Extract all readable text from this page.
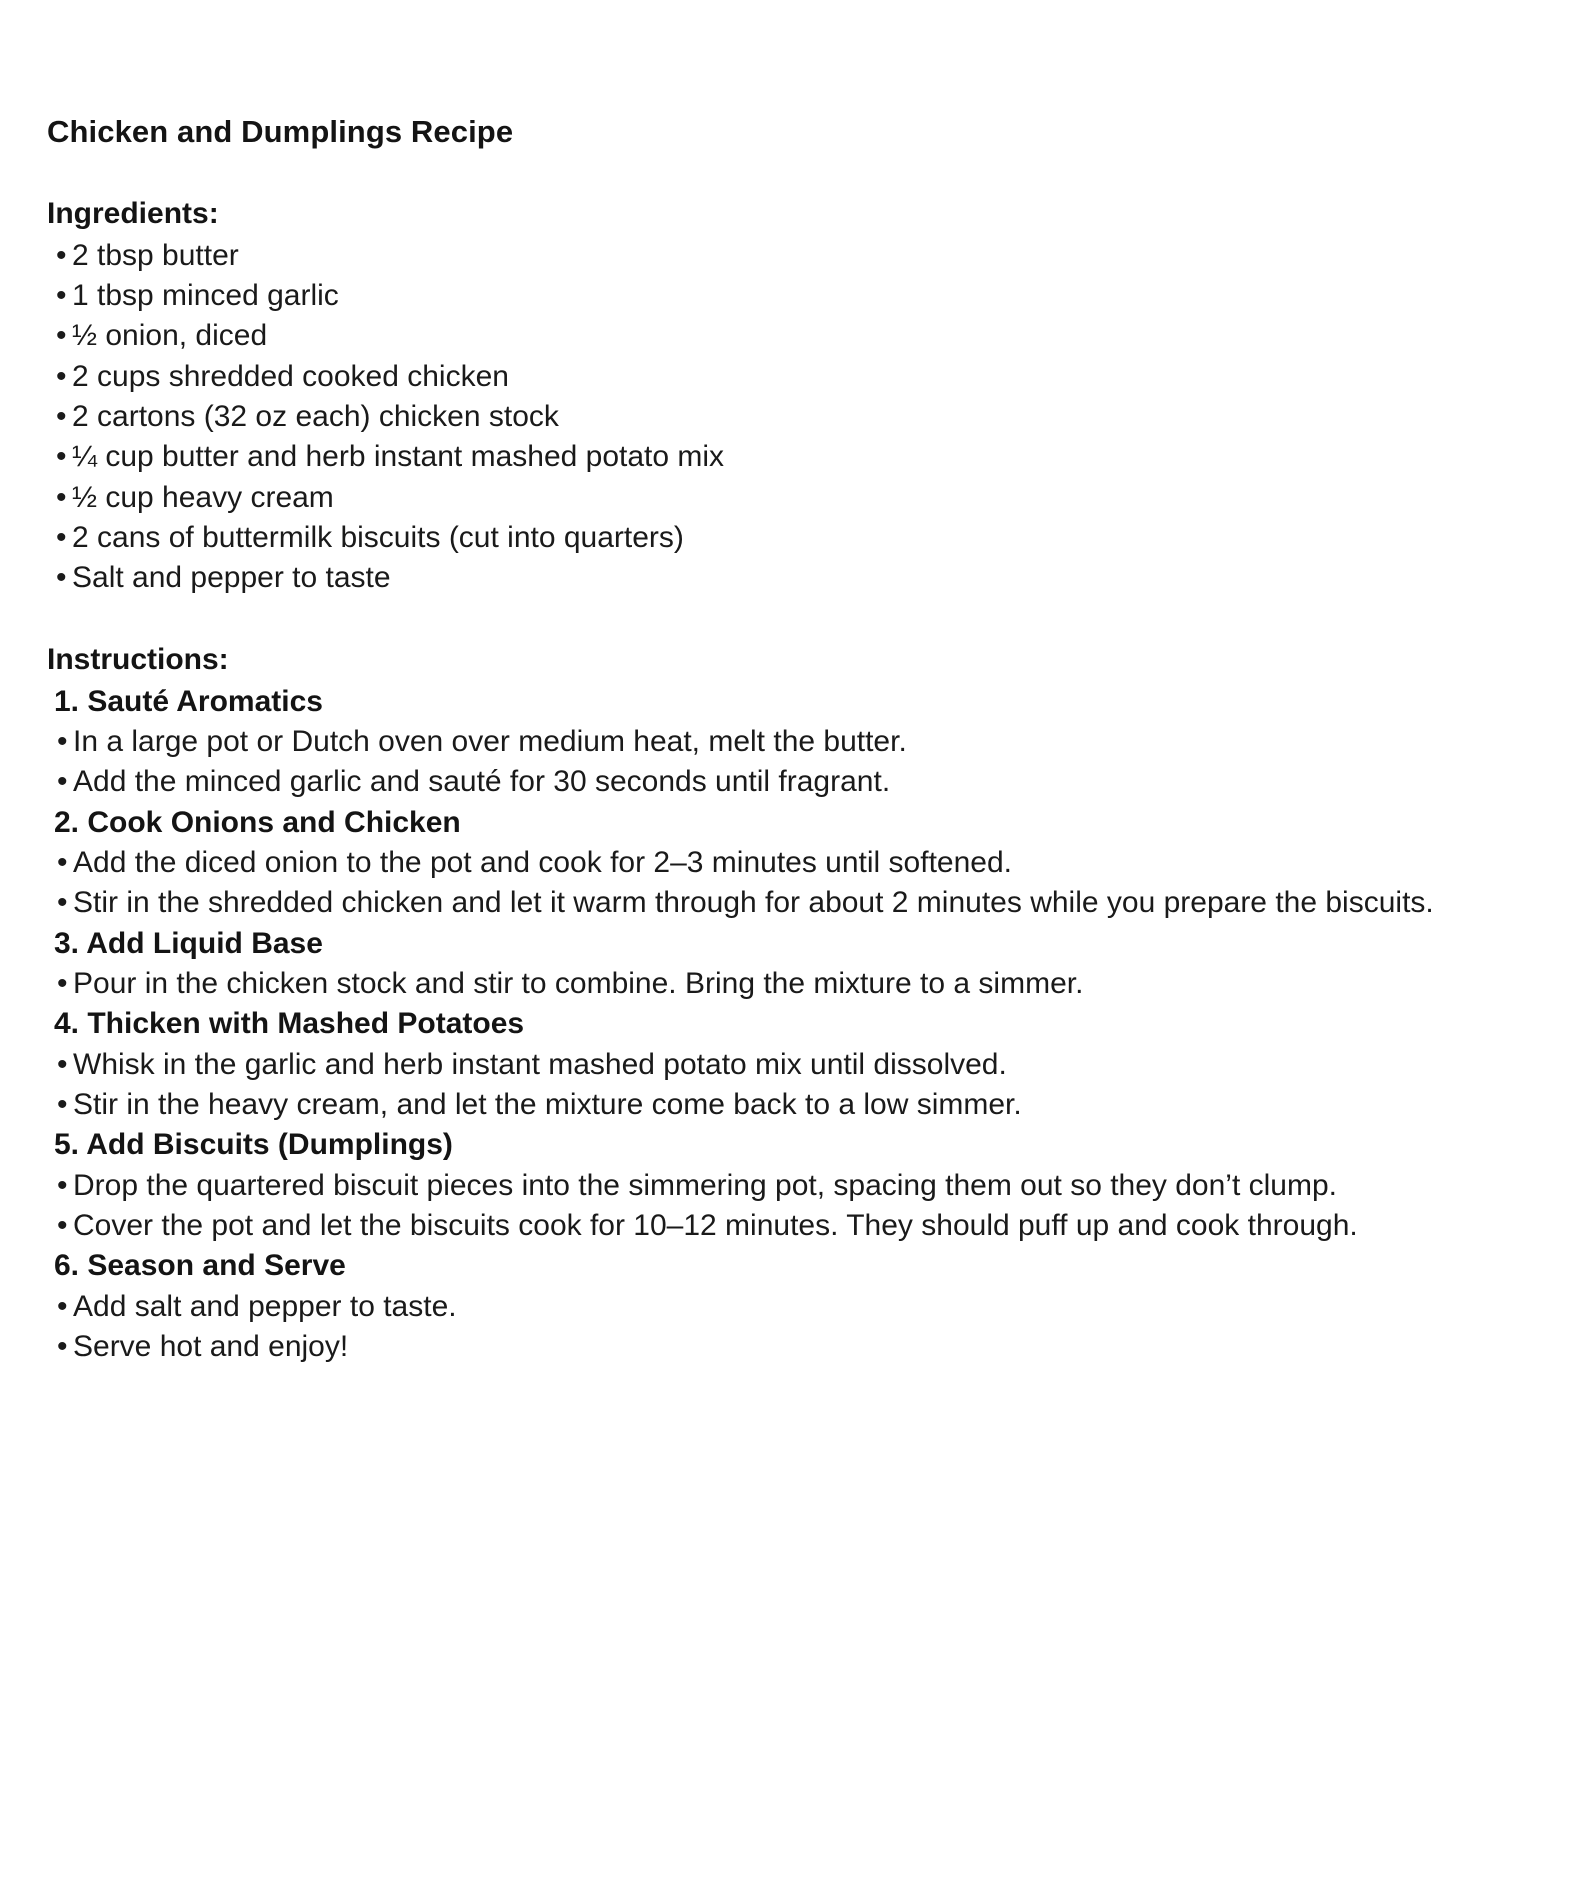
Chicken and Dumplings Recipe
Ingredients:
• 2 tbsp butter
• 1 tbsp minced garlic
• ½ onion, diced
• 2 cups shredded cooked chicken
• 2 cartons (32 oz each) chicken stock
• ¼ cup butter and herb instant mashed potato mix
• ½ cup heavy cream
• 2 cans of buttermilk biscuits (cut into quarters)
• Salt and pepper to taste
Instructions:
1. Sauté Aromatics
• In a large pot or Dutch oven over medium heat, melt the butter.
• Add the minced garlic and sauté for 30 seconds until fragrant.
2. Cook Onions and Chicken
• Add the diced onion to the pot and cook for 2–3 minutes until softened.
• Stir in the shredded chicken and let it warm through for about 2 minutes while you prepare the biscuits.
3. Add Liquid Base
• Pour in the chicken stock and stir to combine. Bring the mixture to a simmer.
4. Thicken with Mashed Potatoes
• Whisk in the garlic and herb instant mashed potato mix until dissolved.
• Stir in the heavy cream, and let the mixture come back to a low simmer.
5. Add Biscuits (Dumplings)
• Drop the quartered biscuit pieces into the simmering pot, spacing them out so they don’t clump.
• Cover the pot and let the biscuits cook for 10–12 minutes. They should puff up and cook through.
6. Season and Serve
• Add salt and pepper to taste.
• Serve hot and enjoy!
